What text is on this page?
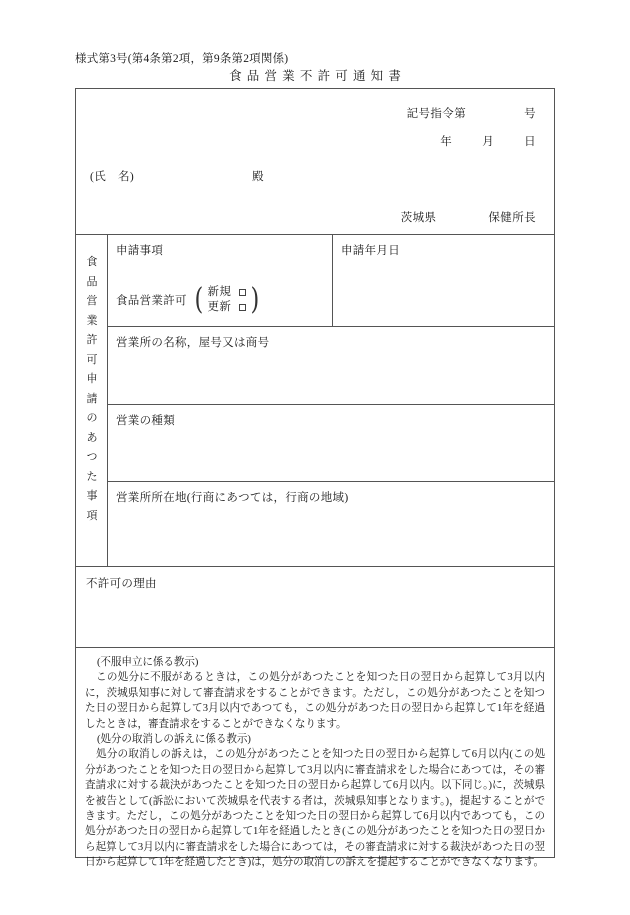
様式第3号(第4条第2項，第9条第2項関係)
食品営業不許可通知書
記号指令第	号
年	月	日
(氏　名)	殿
茨城県	保健所長
食
品
営
業
許
可
申
請
の
あ
つ
た
事
項
申請事項
食品営業許可 ( 新規
更新 )
申請年月日
営業所の名称，屋号又は商号
営業の種類
営業所所在地(行商にあつては，行商の地域)
不許可の理由

(不服申立に係る教示)

この処分に不服があるときは，この処分があつたことを知つた日の翌日から起算して3月以内に，茨城県知事に対して審査請求をすることができます。ただし，この処分があつたことを知つた日の翌日から起算して3月以内であつても，この処分があつた日の翌日から起算して1年を経過したときは，審査請求をすることができなくなります。

(処分の取消しの訴えに係る教示)

処分の取消しの訴えは，この処分があつたことを知つた日の翌日から起算して6月以内(この処分があつたことを知つた日の翌日から起算して3月以内に審査請求をした場合にあつては，その審査請求に対する裁決があつたことを知つた日の翌日から起算して6月以内。以下同じ。)に，茨城県を被告として(訴訟において茨城県を代表する者は，茨城県知事となります。)，提起することができます。ただし，この処分があつたことを知つた日の翌日から起算して6月以内であつても，この処分があつた日の翌日から起算して1年を経過したとき(この処分があつたことを知つた日の翌日から起算して3月以内に審査請求をした場合にあつては，その審査請求に対する裁決があつた日の翌日から起算して1年を経過したとき)は，処分の取消しの訴えを提起することができなくなります。
